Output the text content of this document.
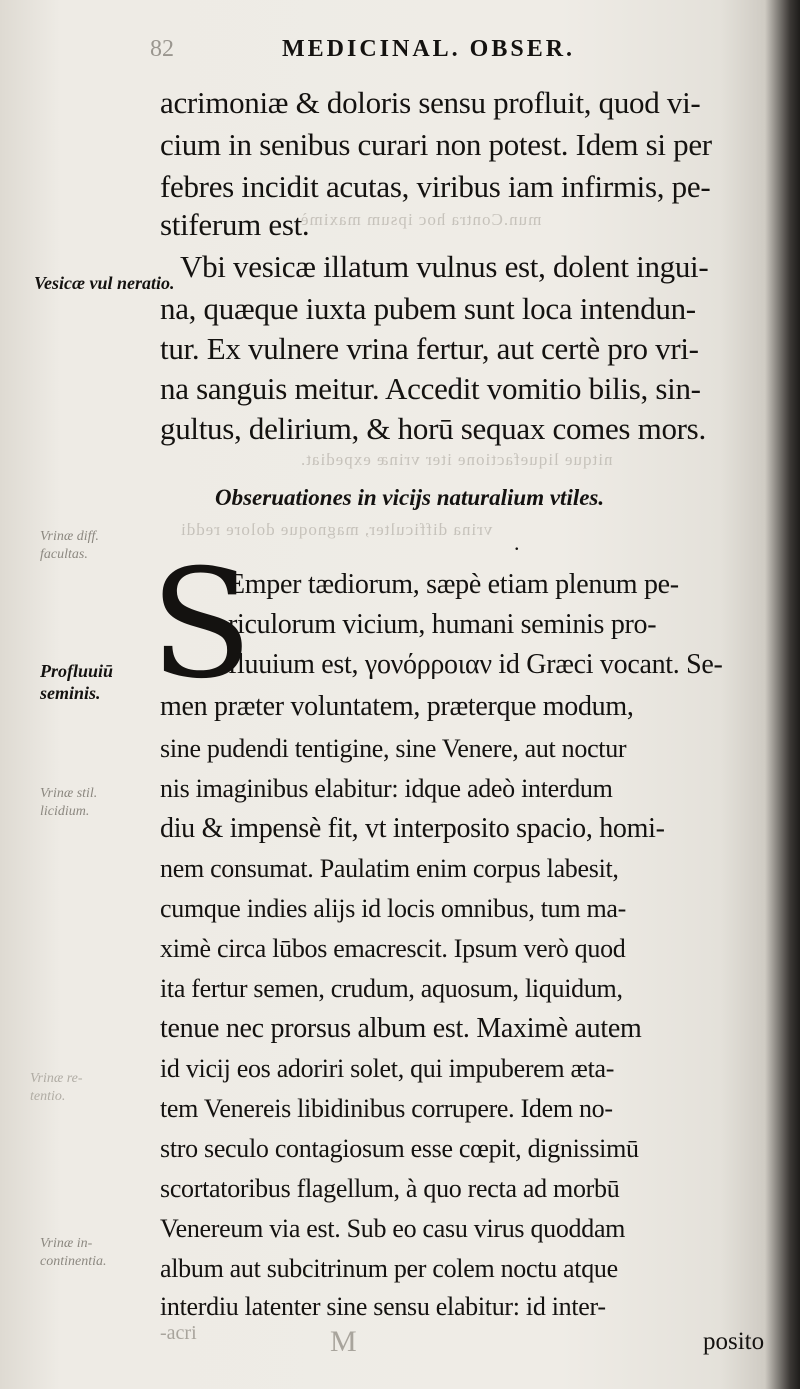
mun.Contra hoc ipsum maximè
nitque liquefactione iter vrinæ expediat.
vrina difficulter, magnoque dolore reddi
Vrinæ diff.
facultas.
Vrinæ stil.
licidium.
Vrinæ re-
tentio.
Vrinæ in-
continentia.
82	MEDICINAL. OBSER.
Vesicæ vul neratio.
Profluuiū seminis.
acrimoniæ & doloris sensu profluit, quod vi-
cium in senibus curari non potest. Idem si per
febres incidit acutas, viribus iam infirmis, pe-
stiferum est.
Vbi vesicæ illatum vulnus est, dolent ingui-
na, quæque iuxta pubem sunt loca intendun-
tur. Ex vulnere vrina fertur, aut certè pro vri-
na sanguis meitur. Accedit vomitio bilis, sin-
gultus, delirium, & horū sequax comes mors.
Obseruationes in vicijs naturalium vtiles.
.
S
Emper tædiorum, sæpè etiam plenum pe-
riculorum vicium, humani seminis pro-
fluuium est, γονόρροιαν id Græci vocant. Se-
men præter voluntatem, præterque modum,
sine pudendi tentigine, sine Venere, aut noctur
nis imaginibus elabitur: idque adeò interdum
diu & impensè fit, vt interposito spacio, homi-
nem consumat. Paulatim enim corpus labesit,
cumque indies alijs id locis omnibus, tum ma-
ximè circa lūbos emacrescit. Ipsum verò quod
ita fertur semen, crudum, aquosum, liquidum,
tenue nec prorsus album est. Maximè autem
id vicij eos adoriri solet, qui impuberem æta-
tem Venereis libidinibus corrupere. Idem no-
stro seculo contagiosum esse cœpit, dignissimū
scortatoribus flagellum, à quo recta ad morbū
Venereum via est. Sub eo casu virus quoddam
album aut subcitrinum per colem noctu atque
interdiu latenter sine sensu elabitur: id inter-
-acri	M	posito
